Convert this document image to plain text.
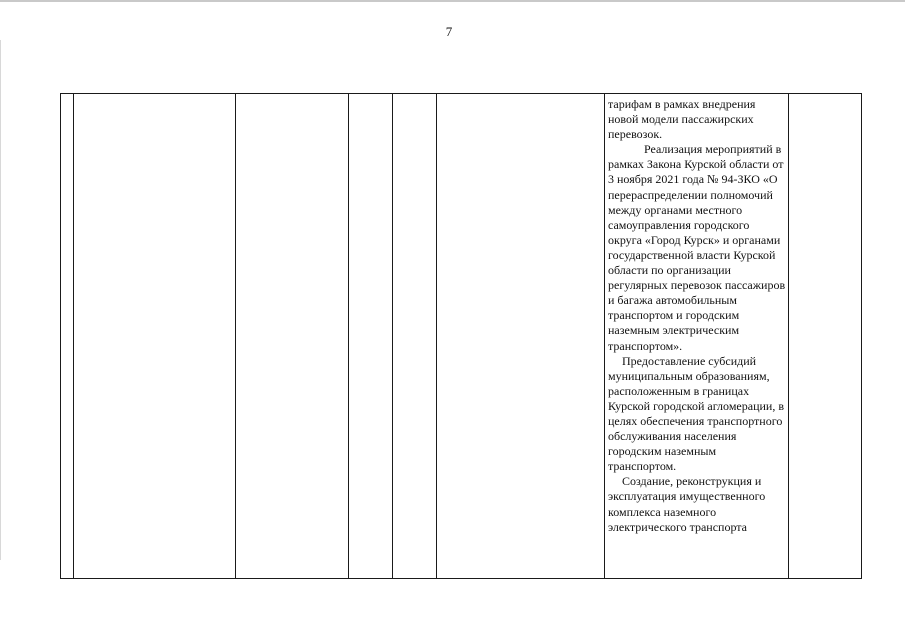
7

тарифам в рамках внедрения новой модели пассажирских перевозок.

Реализация мероприятий в рамках Закона Курской области от 3 ноября 2021 года № 94-ЗКО «О перераспределении полномочий между органами местного самоуправления городского округа «Город Курск» и органами государственной власти Курской области по организации регулярных перевозок пассажиров и багажа автомобильным транспортом и городским наземным электрическим транспортом».

Предоставление субсидий муниципальным образованиям, расположенным в границах Курской городской агломерации, в целях обеспечения транспортного обслуживания населения городским наземным транспортом.

Создание, реконструкция и эксплуатация имущественного комплекса наземного электрического транспорта
